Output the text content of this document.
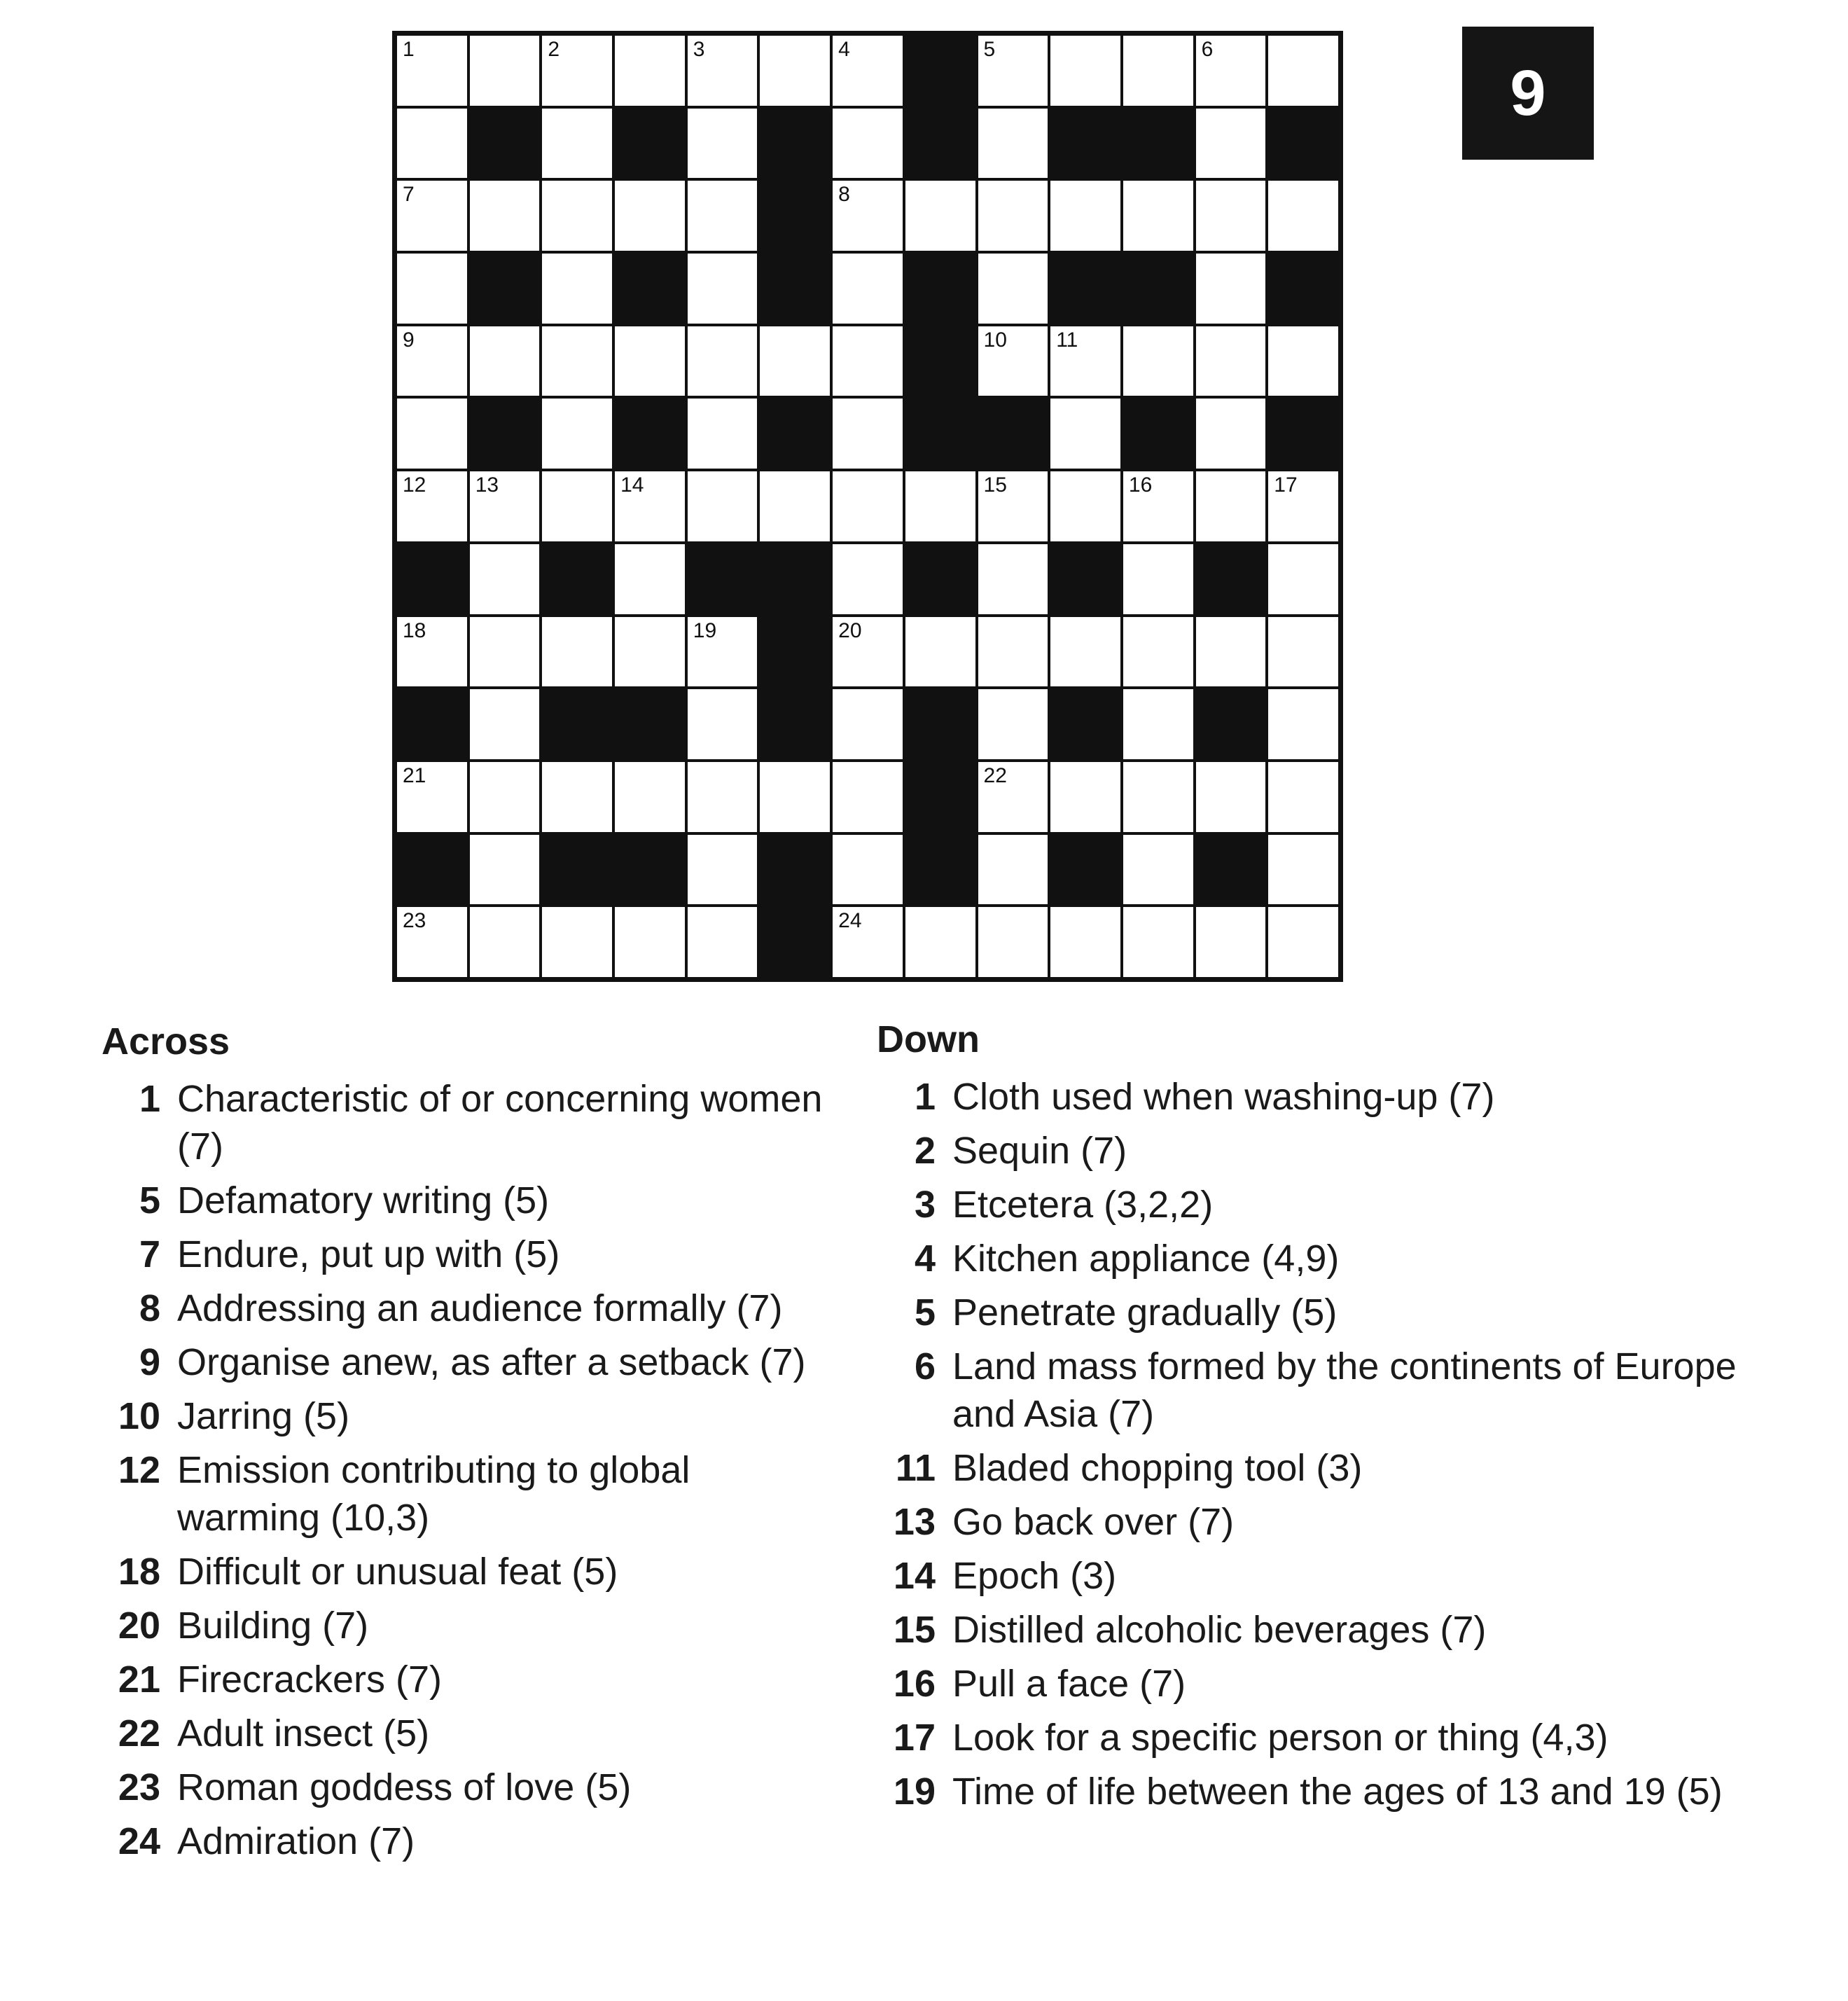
1	2	3	4	5	6
7	8
9	10 11
12 13	14	15	16	17
18	19	20
21	22
23	24
9
Across
1 Characteristic of or concerning women (7)
5 Defamatory writing (5)
7 Endure, put up with (5)
8 Addressing an audience formally (7)
9 Organise anew, as after a setback (7)
10 Jarring (5)
12 Emission contributing to global warming (10,3)
18 Difficult or unusual feat (5)
20 Building (7)
21 Firecrackers (7)
22 Adult insect (5)
23 Roman goddess of love (5)
24 Admiration (7)
Down
1 Cloth used when washing-up (7)
2 Sequin (7)
3 Etcetera (3,2,2)
4 Kitchen appliance (4,9)
5 Penetrate gradually (5)
6 Land mass formed by the continents of Europe and Asia (7)
11 Bladed chopping tool (3)
13 Go back over (7)
14 Epoch (3)
15 Distilled alcoholic beverages (7)
16 Pull a face (7)
17 Look for a specific person or thing (4,3)
19 Time of life between the ages of 13 and 19 (5)
